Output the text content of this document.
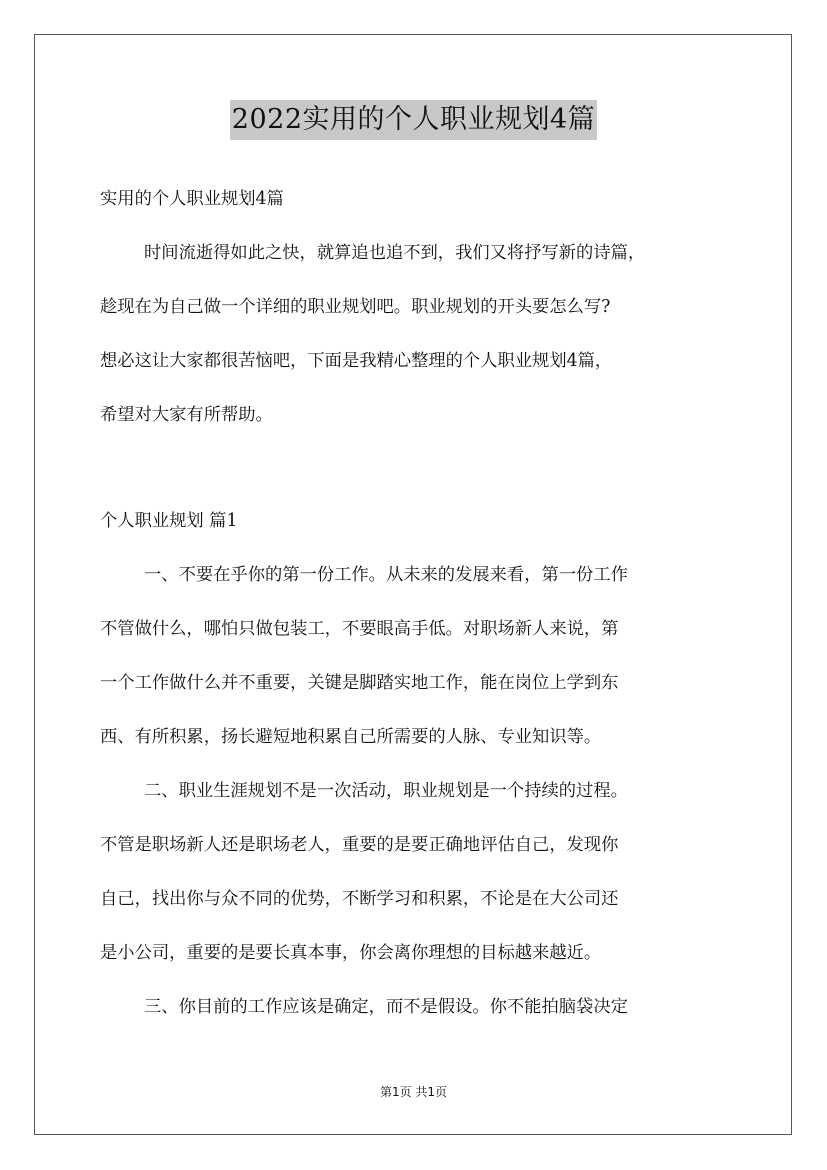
2022实用的个人职业规划4篇
实用的个人职业规划4篇
时间流逝得如此之快，就算追也追不到，我们又将抒写新的诗篇，
趁现在为自己做一个详细的职业规划吧。职业规划的开头要怎么写?
想必这让大家都很苦恼吧，下面是我精心整理的个人职业规划4篇，
希望对大家有所帮助。
个人职业规划 篇1
一、不要在乎你的第一份工作。从未来的发展来看，第一份工作
不管做什么，哪怕只做包装工，不要眼高手低。对职场新人来说，第
一个工作做什么并不重要，关键是脚踏实地工作，能在岗位上学到东
西、有所积累，扬长避短地积累自己所需要的人脉、专业知识等。
二、职业生涯规划不是一次活动，职业规划是一个持续的过程。
不管是职场新人还是职场老人，重要的是要正确地评估自己，发现你
自己，找出你与众不同的优势，不断学习和积累，不论是在大公司还
是小公司，重要的是要长真本事，你会离你理想的目标越来越近。
三、你目前的工作应该是确定，而不是假设。你不能拍脑袋决定
第1页 共1页
